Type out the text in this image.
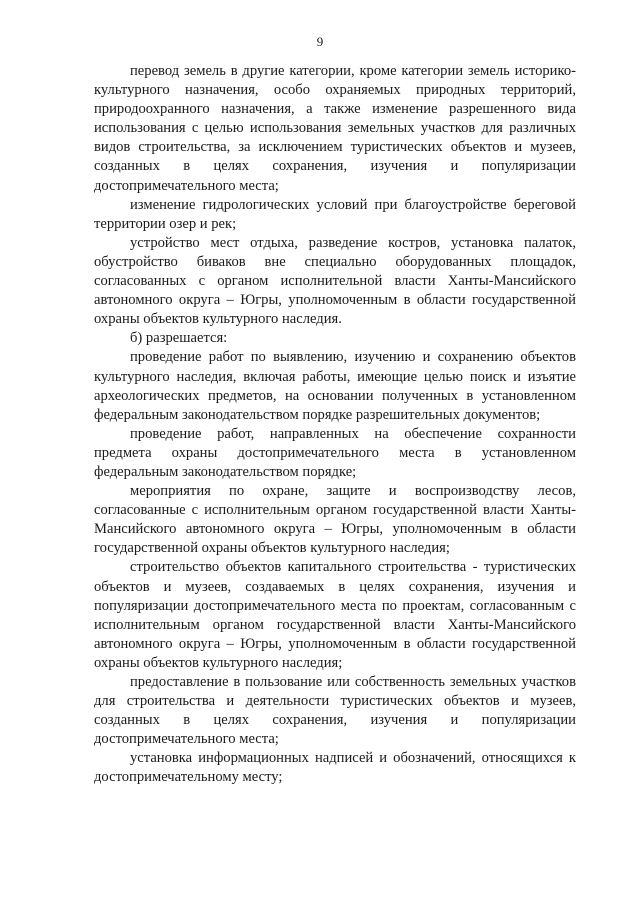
9

перевод земель в другие категории, кроме категории земель историко-культурного назначения, особо охраняемых природных территорий, природоохранного назначения, а также изменение разрешенного вида использования с целью использования земельных участков для различных видов строительства, за исключением туристических объектов и музеев, созданных в целях сохранения, изучения и популяризации достопримечательного места;

изменение гидрологических условий при благоустройстве береговой территории озер и рек;

устройство мест отдыха, разведение костров, установка палаток, обустройство биваков вне специально оборудованных площадок, согласованных с органом исполнительной власти Ханты-Мансийского автономного округа – Югры, уполномоченным в области государственной охраны объектов культурного наследия.

б) разрешается:

проведение работ по выявлению, изучению и сохранению объектов культурного наследия, включая работы, имеющие целью поиск и изъятие археологических предметов, на основании полученных в установленном федеральным законодательством порядке разрешительных документов;

проведение работ, направленных на обеспечение сохранности предмета охраны достопримечательного места в установленном федеральным законодательством порядке;

мероприятия по охране, защите и воспроизводству лесов, согласованные с исполнительным органом государственной власти Ханты-Мансийского автономного округа – Югры, уполномоченным в области государственной охраны объектов культурного наследия;

строительство объектов капитального строительства - туристических объектов и музеев, создаваемых в целях сохранения, изучения и популяризации достопримечательного места по проектам, согласованным с исполнительным органом государственной власти Ханты-Мансийского автономного округа – Югры, уполномоченным в области государственной охраны объектов культурного наследия;

предоставление в пользование или собственность земельных участков для строительства и деятельности туристических объектов и музеев, созданных в целях сохранения, изучения и популяризации достопримечательного места;

установка информационных надписей и обозначений, относящихся к достопримечательному месту;
